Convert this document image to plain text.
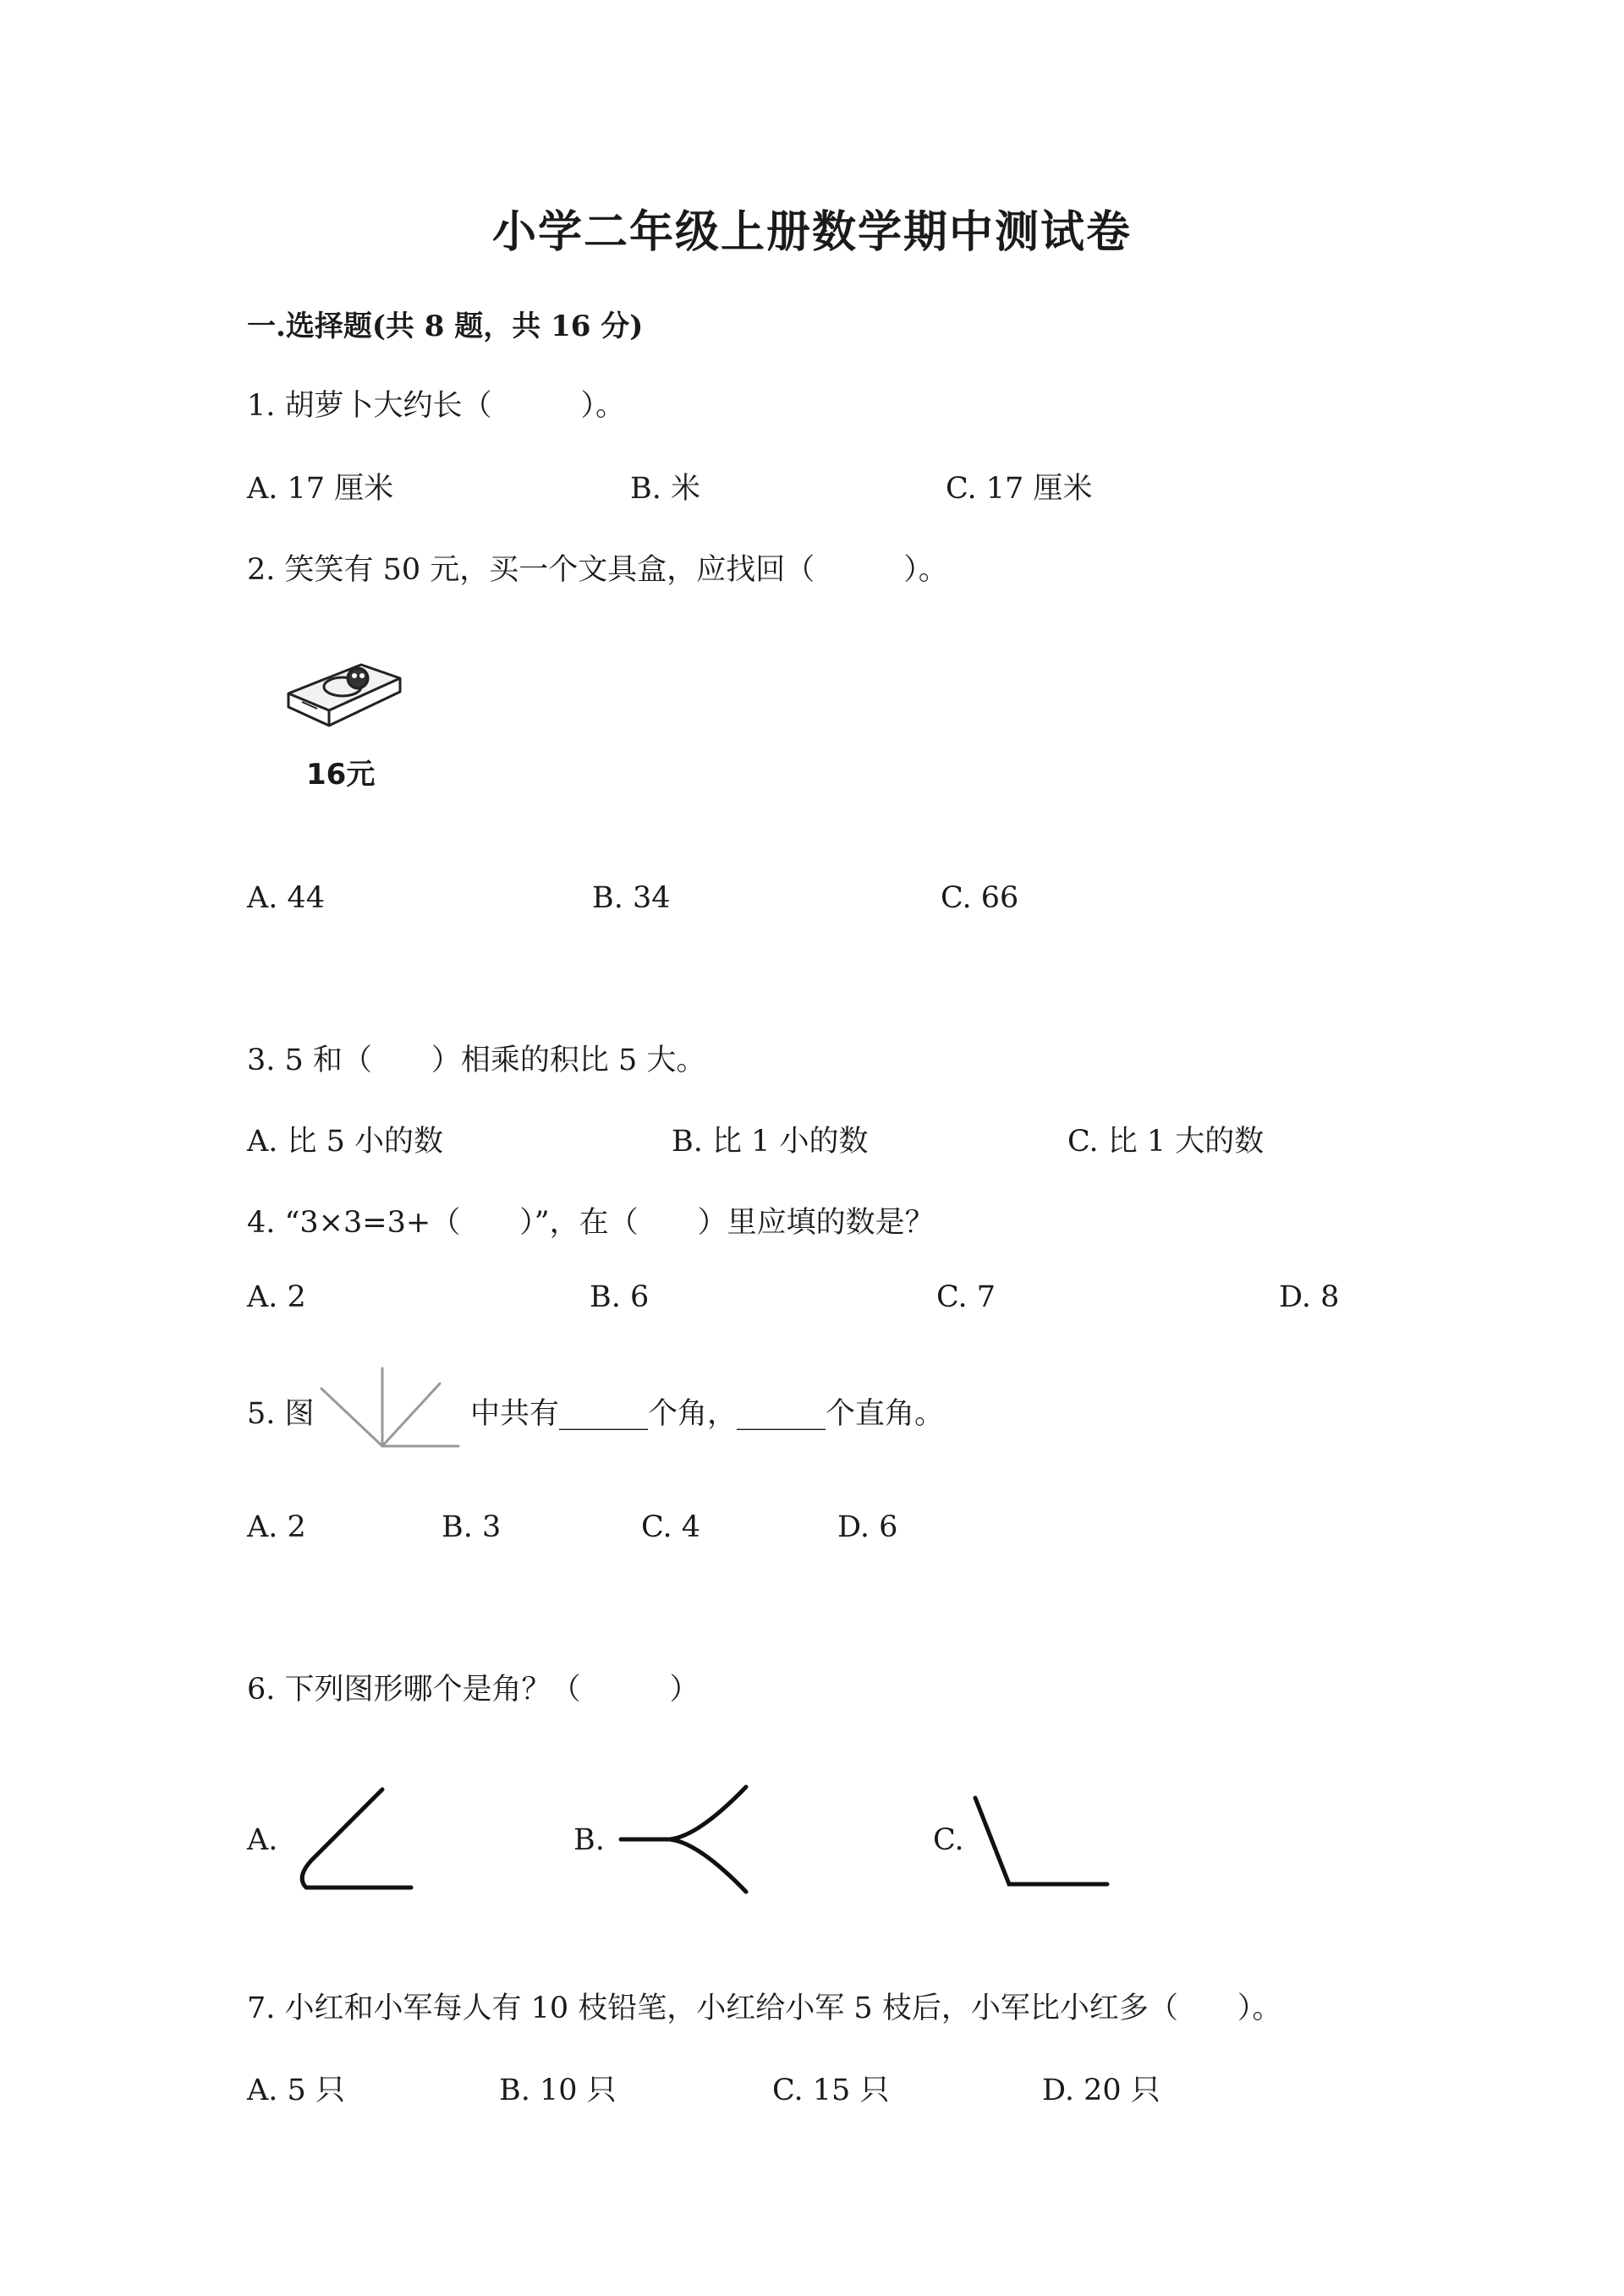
小学二年级上册数学期中测试卷
一.选择题(共 8 题，共 16 分)
1. 胡萝卜大约长（　　　）。
A. 17 厘米	B. 米	C. 17 厘米
2. 笑笑有 50 元，买一个文具盒，应找回（　　　）。
16元
A. 44	B. 34	C. 66
3. 5 和（　　）相乘的积比 5 大。
A. 比 5 小的数	B. 比 1 小的数	C. 比 1 大的数
4. “3×3=3+（　　）”，在（　　）里应填的数是？
A. 2	B. 6	C. 7	D. 8
5. 图	中共有______个角，______个直角。
A. 2	B. 3	C. 4	D. 6
6. 下列图形哪个是角？（　　　）
A.	B.	C.
7. 小红和小军每人有 10 枝铅笔，小红给小军 5 枝后，小军比小红多（　　）。
A. 5 只	B. 10 只	C. 15 只	D. 20 只
